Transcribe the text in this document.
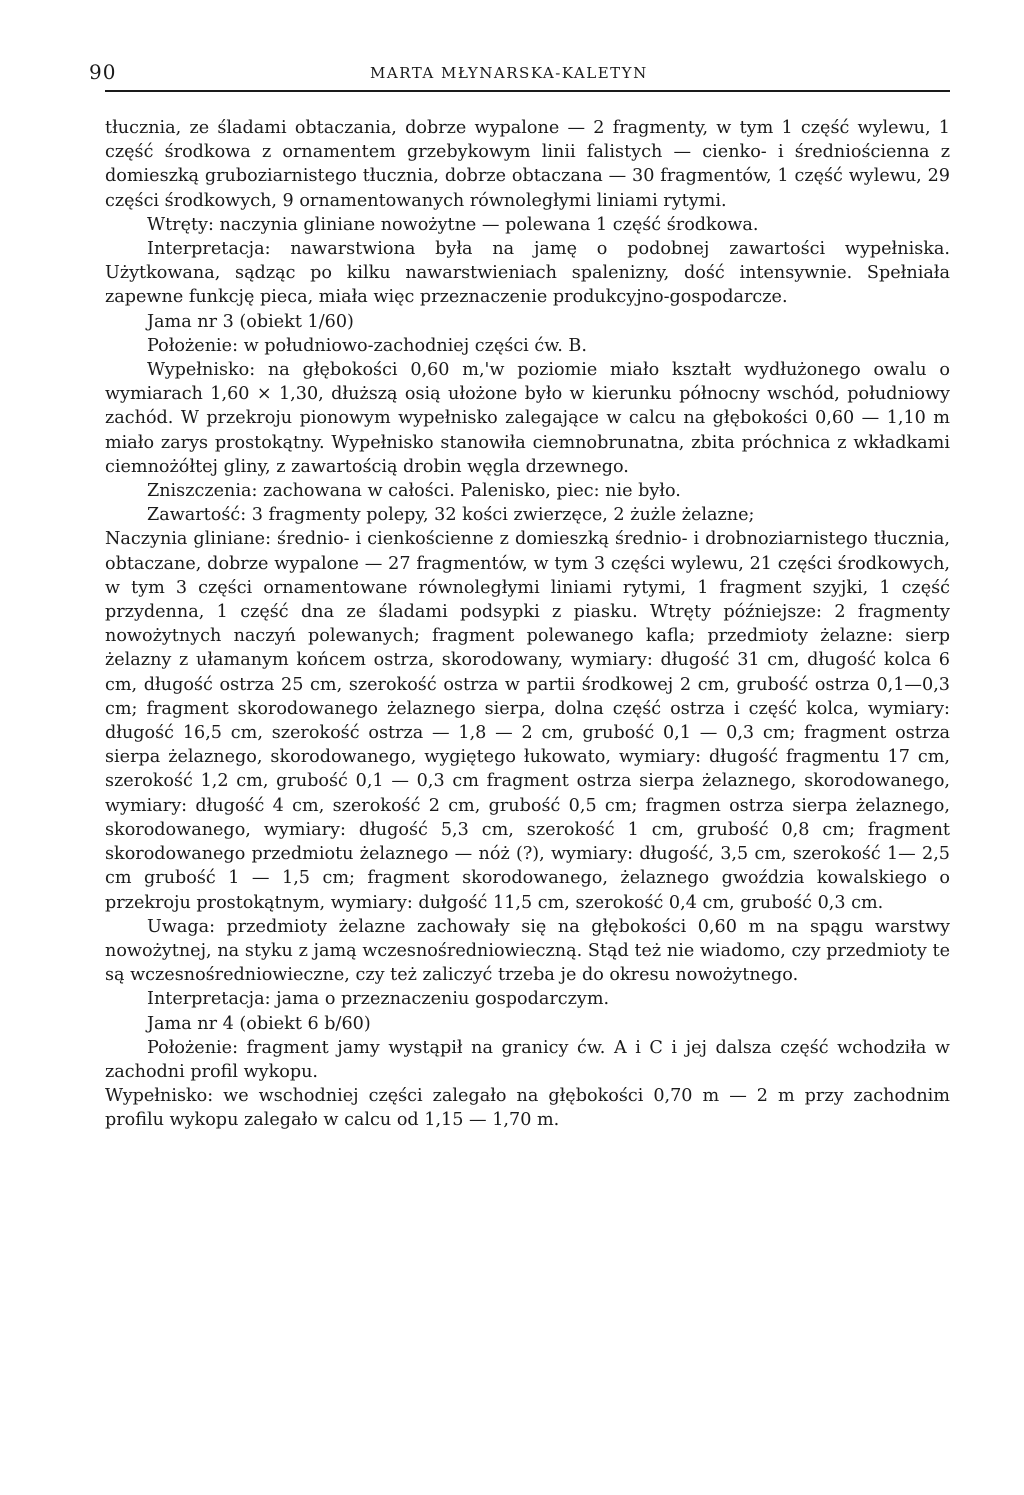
90	MARTA MŁYNARSKA-KALETYN

tłucznia, ze śladami obtaczania, dobrze wypalone — 2 fragmenty, w tym 1 część wylewu, 1 część środkowa z ornamentem grzebykowym linii falistych — cienko- i średniościenna z domieszką gruboziarnistego tłucznia, dobrze obtaczana — 30 fragmentów, 1 część wylewu, 29 części środkowych, 9 ornamentowanych równoległymi liniami rytymi.

Wtręty: naczynia gliniane nowożytne — polewana 1 część środkowa.

Interpretacja: nawarstwiona była na jamę o podobnej zawartości wypełniska. Użytkowana, sądząc po kilku nawarstwieniach spalenizny, dość intensywnie. Spełniała zapewne funkcję pieca, miała więc przeznaczenie produkcyjno-gospodarcze.

Jama nr 3 (obiekt 1/60)

Położenie: w południowo-zachodniej części ćw. B.

Wypełnisko: na głębokości 0,60 m,'w poziomie miało kształt wydłużonego owalu o wymiarach 1,60 × 1,30, dłuższą osią ułożone było w kierunku północny wschód, południowy zachód. W przekroju pionowym wypełnisko zalegające w calcu na głębokości 0,60 — 1,10 m miało zarys prostokątny. Wypełnisko stanowiła ciemnobrunatna, zbita próchnica z wkładkami ciemnożółtej gliny, z zawartością drobin węgla drzewnego.

Zniszczenia: zachowana w całości. Palenisko, piec: nie było.

Zawartość: 3 fragmenty polepy, 32 kości zwierzęce, 2 żużle żelazne;

Naczynia gliniane: średnio- i cienkościenne z domieszką średnio- i drobnoziarnistego tłucznia, obtaczane, dobrze wypalone — 27 fragmentów, w tym 3 części wylewu, 21 części środkowych, w tym 3 części ornamentowane równoległymi liniami rytymi, 1 fragment szyjki, 1 część przydenna, 1 część dna ze śladami podsypki z piasku. Wtręty późniejsze: 2 fragmenty nowożytnych naczyń polewanych; fragment polewanego kafla; przedmioty żelazne: sierp żelazny z ułamanym końcem ostrza, skorodowany, wymiary: długość 31 cm, długość kolca 6 cm, długość ostrza 25 cm, szerokość ostrza w partii środkowej 2 cm, grubość ostrza 0,1—0,3 cm; fragment skorodowanego żelaznego sierpa, dolna część ostrza i część kolca, wymiary: długość 16,5 cm, szerokość ostrza — 1,8 — 2 cm, grubość 0,1 — 0,3 cm; fragment ostrza sierpa żelaznego, skorodowanego, wygiętego łukowato, wymiary: długość fragmentu 17 cm, szerokość 1,2 cm, grubość 0,1 — 0,3 cm fragment ostrza sierpa żelaznego, skorodowanego, wymiary: długość 4 cm, szerokość 2 cm, grubość 0,5 cm; fragmen ostrza sierpa żelaznego, skorodowanego, wymiary: długość 5,3 cm, szerokość 1 cm, grubość 0,8 cm; fragment skorodowanego przedmiotu żelaznego — nóż (?), wymiary: długość, 3,5 cm, szerokość 1— 2,5 cm grubość 1 — 1,5 cm; fragment skorodowanego, żelaznego gwoździa kowalskiego o przekroju prostokątnym, wymiary: dułgość 11,5 cm, szerokość 0,4 cm, grubość 0,3 cm.

Uwaga: przedmioty żelazne zachowały się na głębokości 0,60 m na spągu warstwy nowożytnej, na styku z jamą wczesnośredniowieczną. Stąd też nie wiadomo, czy przedmioty te są wczesnośredniowieczne, czy też zaliczyć trzeba je do okresu nowożytnego.

Interpretacja: jama o przeznaczeniu gospodarczym.

Jama nr 4 (obiekt 6 b/60)

Położenie: fragment jamy wystąpił na granicy ćw. A i C i jej dalsza część wchodziła w zachodni profil wykopu.

Wypełnisko: we wschodniej części zalegało na głębokości 0,70 m — 2 m przy zachodnim profilu wykopu zalegało w calcu od 1,15 — 1,70 m.
